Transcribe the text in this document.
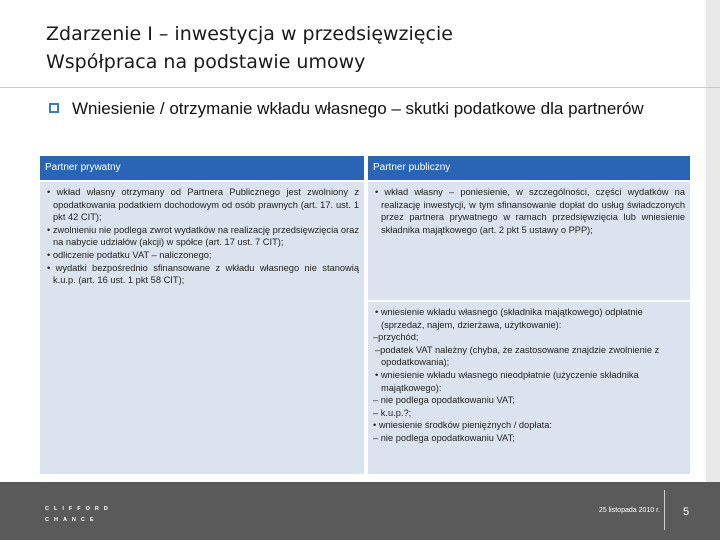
Zdarzenie I – inwestycja w przedsięwzięcie
Współpraca na podstawie umowy
Wniesienie / otrzymanie wkładu własnego – skutki podatkowe dla partnerów
Partner prywatny	Partner publiczny

• wkład własny otrzymany od Partnera Publicznego jest zwolniony z opodatkowania podatkiem dochodowym od osób prawnych (art. 17. ust. 1 pkt 42 CIT);

• zwolnieniu nie podlega zwrot wydatków na realizację przedsięwzięcia oraz na nabycie udziałów (akcji) w spółce (art. 17 ust. 7 CIT);

• odliczenie podatku VAT – naliczonego;

• wydatki bezpośrednio sfinansowane z wkładu własnego nie stanowią k.u.p. (art. 16 ust. 1 pkt 58 CIT);

• wkład własny – poniesienie, w szczególności, części wydatków na realizację inwestycji, w tym sfinansowanie dopłat do usług świadczonych przez partnera prywatnego w ramach przedsięwzięcia lub wniesienie składnika majątkowego (art. 2 pkt 5 ustawy o PPP);

• wniesienie wkładu własnego (składnika majątkowego) odpłatnie (sprzedaż, najem, dzierżawa, użytkowanie):

–przychód;

–podatek VAT należny (chyba, że zastosowane znajdzie zwolnienie z opodatkowania);

• wniesienie wkładu własnego nieodpłatnie (użyczenie składnika majątkowego):

– nie podlega opodatkowaniu VAT;

– k.u.p.?;

• wniesienie środków pieniężnych / dopłata:

– nie podlega opodatkowaniu VAT;

CLIFFORD
CHANCE
25 listopada 2010 r.	5
